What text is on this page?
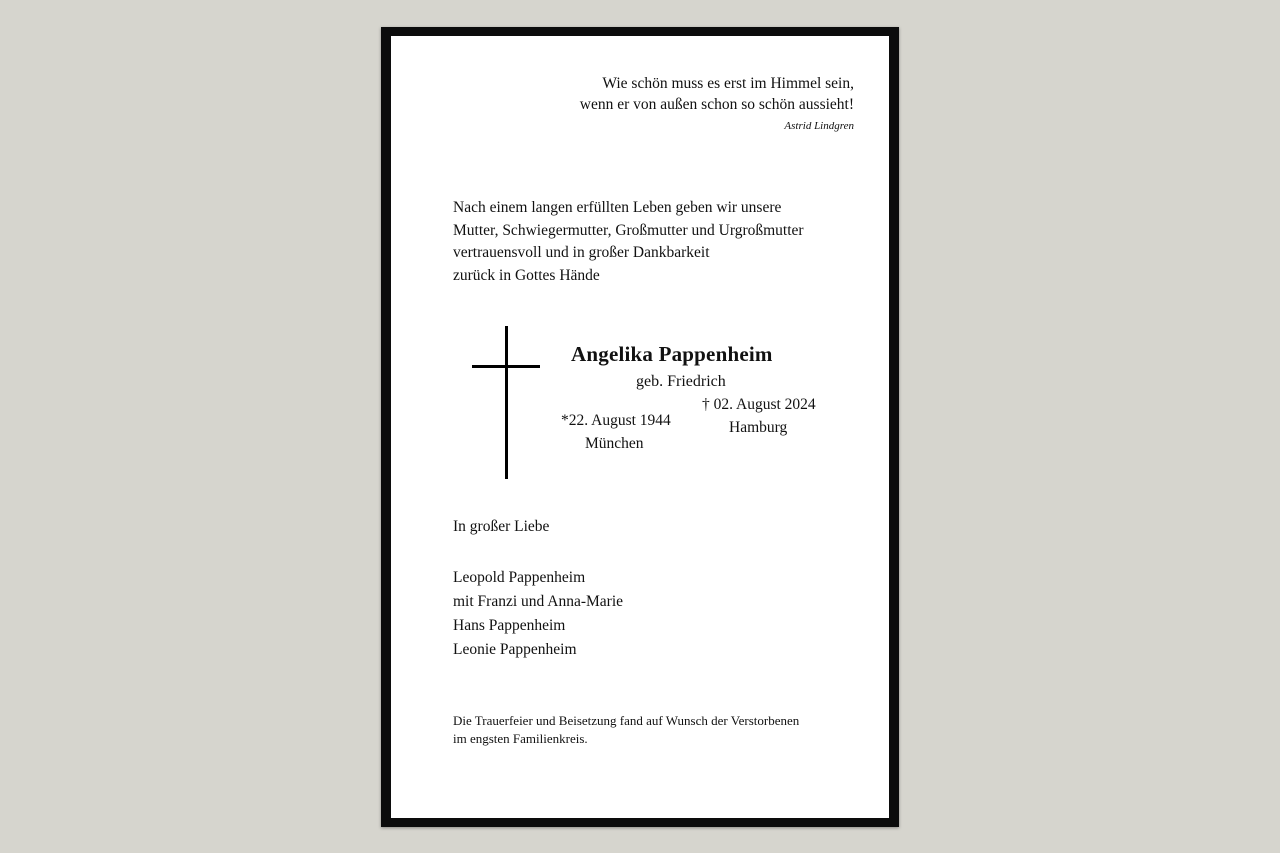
Wie schön muss es erst im Himmel sein,
wenn er von außen schon so schön aussieht!
Astrid Lindgren
Nach einem langen erfüllten Leben geben wir unsere
Mutter, Schwiegermutter, Großmutter und Urgroßmutter
vertrauensvoll und in großer Dankbarkeit
zurück in Gottes Hände
Angelika Pappenheim
geb. Friedrich
*22. August 1944
München
† 02. August 2024
Hamburg
In großer Liebe
Leopold Pappenheim
mit Franzi und Anna-Marie
Hans Pappenheim
Leonie Pappenheim
Die Trauerfeier und Beisetzung fand auf Wunsch der Verstorbenen
im engsten Familienkreis.
